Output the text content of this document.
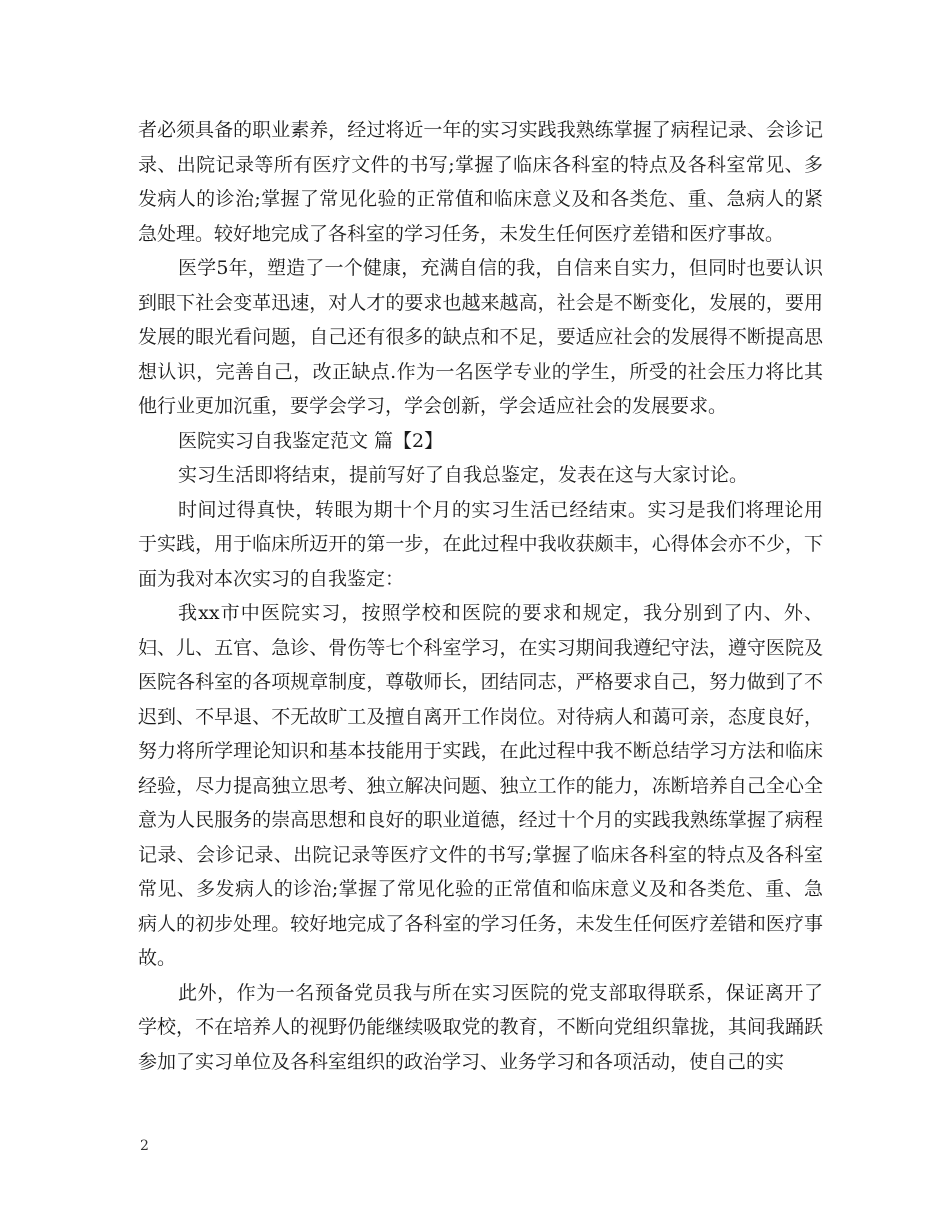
者必须具备的职业素养，经过将近一年的实习实践我熟练掌握了病程记录、会诊记录、出院记录等所有医疗文件的书写;掌握了临床各科室的特点及各科室常见、多发病人的诊治;掌握了常见化验的正常值和临床意义及和各类危、重、急病人的紧急处理。较好地完成了各科室的学习任务，未发生任何医疗差错和医疗事故。

医学5年，塑造了一个健康，充满自信的我，自信来自实力，但同时也要认识到眼下社会变革迅速，对人才的要求也越来越高，社会是不断变化，发展的，要用发展的眼光看问题，自己还有很多的缺点和不足，要适应社会的发展得不断提高思想认识，完善自己，改正缺点.作为一名医学专业的学生，所受的社会压力将比其他行业更加沉重，要学会学习，学会创新，学会适应社会的发展要求。

医院实习自我鉴定范文 篇【2】

实习生活即将结束，提前写好了自我总鉴定，发表在这与大家讨论。

时间过得真快，转眼为期十个月的实习生活已经结束。实习是我们将理论用于实践，用于临床所迈开的第一步，在此过程中我收获颇丰，心得体会亦不少，下面为我对本次实习的自我鉴定：

我xx市中医院实习，按照学校和医院的要求和规定，我分别到了内、外、妇、儿、五官、急诊、骨伤等七个科室学习，在实习期间我遵纪守法，遵守医院及医院各科室的各项规章制度，尊敬师长，团结同志，严格要求自己，努力做到了不迟到、不早退、不无故旷工及擅自离开工作岗位。对待病人和蔼可亲，态度良好，努力将所学理论知识和基本技能用于实践，在此过程中我不断总结学习方法和临床经验，尽力提高独立思考、独立解决问题、独立工作的能力，冻断培养自己全心全意为人民服务的崇高思想和良好的职业道德，经过十个月的实践我熟练掌握了病程记录、会诊记录、出院记录等医疗文件的书写;掌握了临床各科室的特点及各科室常见、多发病人的诊治;掌握了常见化验的正常值和临床意义及和各类危、重、急病人的初步处理。较好地完成了各科室的学习任务，未发生任何医疗差错和医疗事故。

此外，作为一名预备党员我与所在实习医院的党支部取得联系，保证离开了学校，不在培养人的视野仍能继续吸取党的教育，不断向党组织靠拢，其间我踊跃参加了实习单位及各科室组织的政治学习、业务学习和各项活动，使自己的实

2
